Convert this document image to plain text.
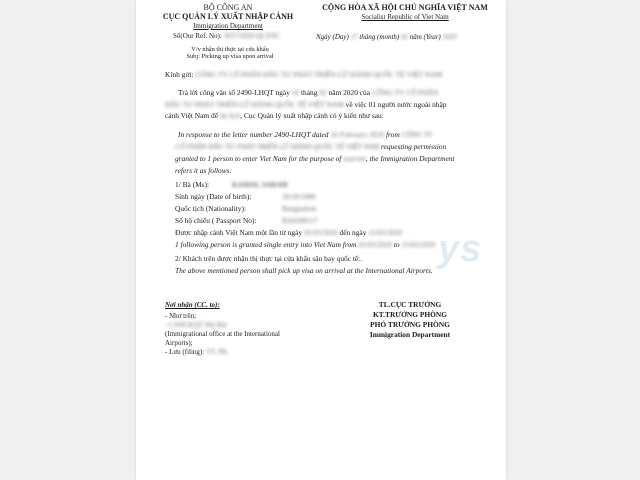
BỘ CÔNG AN
CỤC QUẢN LÝ XUẤT NHẬP CẢNH
Immigration Department
Số(Our Ref. No): 3037/2020-QLXNC
V/v nhận thị thực tại cửa khẩu
Subj: Picking up visa upon arrival
CỘNG HÒA XÃ HỘI CHỦ NGHĨA VIỆT NAM
Socialist Republic of Viet Nam
Ngày (Day) 17 tháng (month) 02 năm (Year) 2020
Kính gửi: CÔNG TY CỔ PHẦN ĐẦU TƯ PHÁT TRIỂN LỮ HÀNH QUỐC TẾ VIỆT NAM
Trả lời công văn số 2490-LHQT ngày 16 tháng 02 năm 2020 của CÔNG TY CỔ PHẦN
ĐẦU TƯ PHÁT TRIỂN LỮ HÀNH QUỐC TẾ VIỆT NAM về việc 01 người nước ngoài nhập
cảnh Việt Nam để du lịch, Cục Quản lý xuất nhập cảnh có ý kiến như sau:
In response to the letter number 2490-LHQT dated 16 February 2020 from CÔNG TY
CỔ PHẦN ĐẦU TƯ PHÁT TRIỂN LỮ HÀNH QUỐC TẾ VIỆT NAM requesting permission
granted to 1 person to enter Viet Nam for the purpose of tourism, the Immigration Department
refers it as follows:
1/ Bà (Ms):	KAMAL SARAH
Sinh ngày (Date of birth):	20/10/1986
Quốc tịch (Nationality):	Bangladesh
Số hộ chiếu ( Passport No):	BA0398117
Được nhập cảnh Việt Nam một lần từ ngày 01/03/2020 đến ngày 15/03/2020
1 following person is granted single entry into Viet Nam from 01/03/2020 to 15/03/2020
2/ Khách trên được nhận thị thực tại cửa khẩu sân bay quốc tế:.
The above mentioned person shall pick up visa on arrival at the International Airports.
ys
Nơi nhận (CC. to):
- Như trên;
- CANCKQT Nội Bài
(Immigrational office at the International
Airports);
- Lưu (filing): VT, PK.
TL.CỤC TRƯỞNG
KT.TRƯỞNG PHÒNG
PHÓ TRƯỞNG PHÒNG
Immigration Department
